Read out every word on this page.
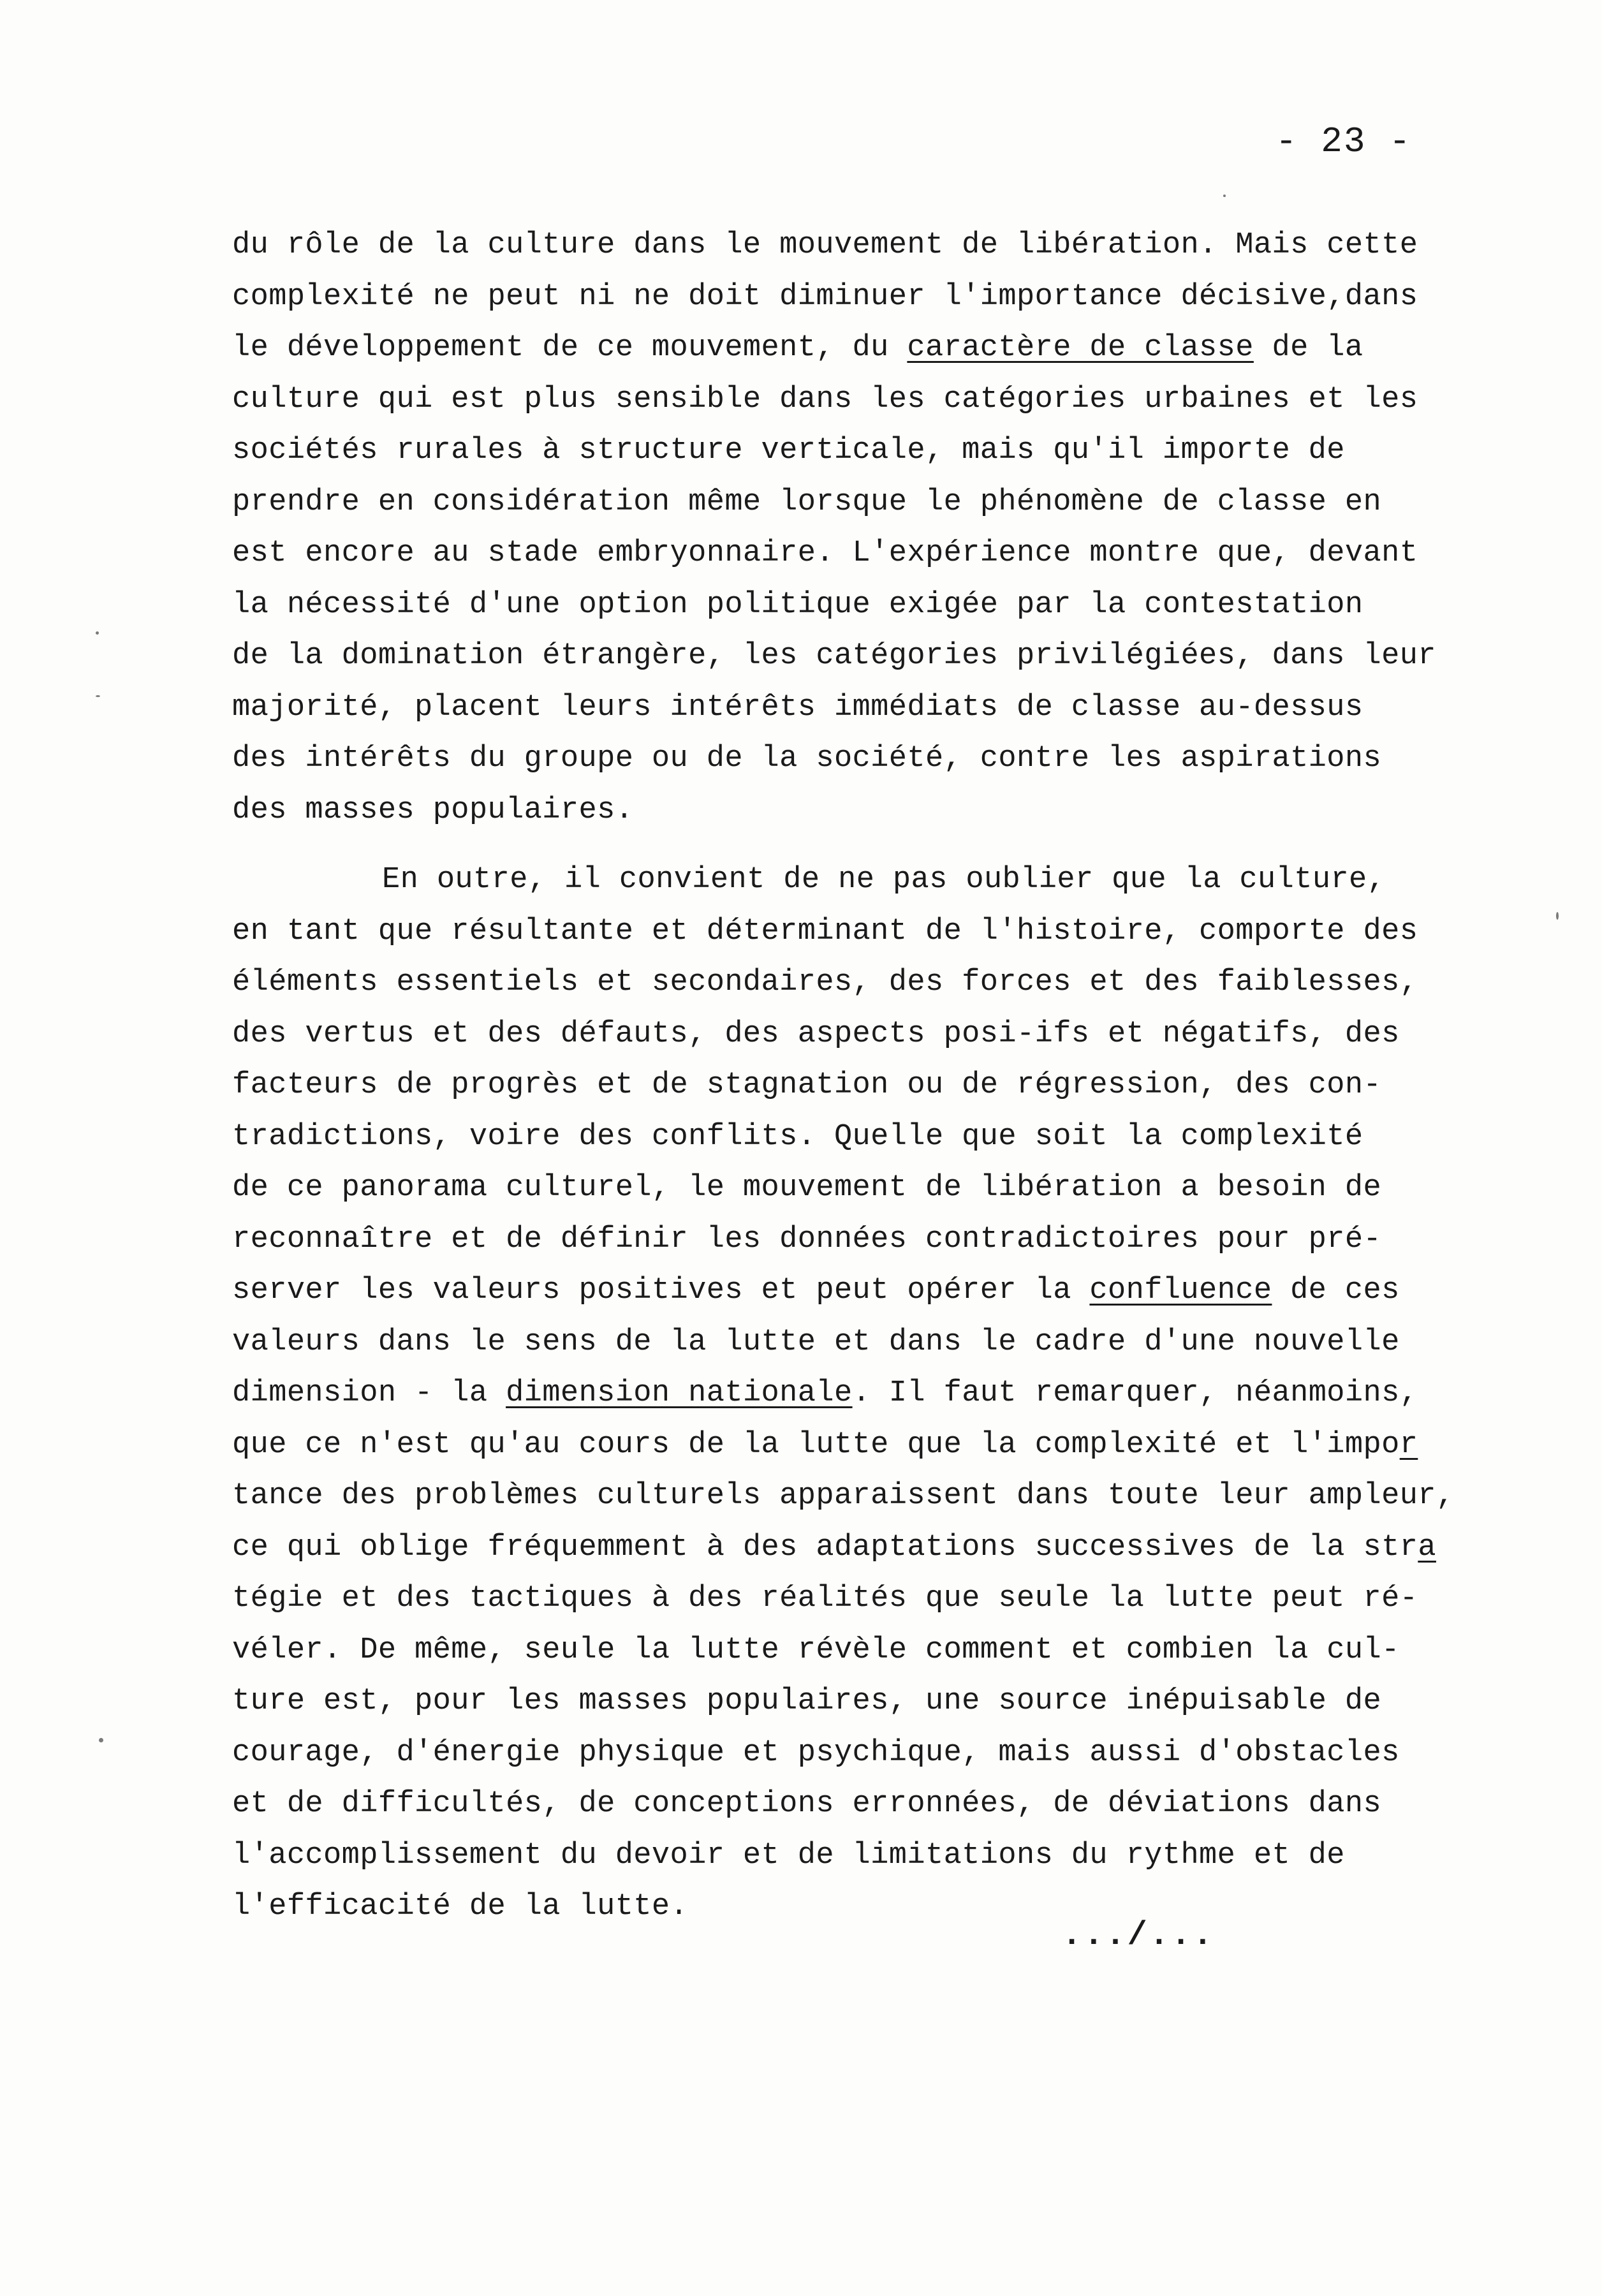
- 23 -
du rôle de la culture dans le mouvement de libération. Mais cette
complexité ne peut ni ne doit diminuer l'importance décisive,dans
le développement de ce mouvement, du caractère de classe de la
culture qui est plus sensible dans les catégories urbaines et les
sociétés rurales à structure verticale, mais qu'il importe de
prendre en considération même lorsque le phénomène de classe en
est encore au stade embryonnaire. L'expérience montre que, devant
la nécessité d'une option politique exigée par la contestation
de la domination étrangère, les catégories privilégiées, dans leur
majorité, placent leurs intérêts immédiats de classe au-dessus
des intérêts du groupe ou de la société, contre les aspirations
des masses populaires.
En outre, il convient de ne pas oublier que la culture,
en tant que résultante et déterminant de l'histoire, comporte des
éléments essentiels et secondaires, des forces et des faiblesses,
des vertus et des défauts, des aspects posi-ifs et négatifs, des
facteurs de progrès et de stagnation ou de régression, des con-
tradictions, voire des conflits. Quelle que soit la complexité
de ce panorama culturel, le mouvement de libération a besoin de
reconnaître et de définir les données contradictoires pour pré-
server les valeurs positives et peut opérer la confluence de ces
valeurs dans le sens de la lutte et dans le cadre d'une nouvelle
dimension - la dimension nationale. Il faut remarquer, néanmoins,
que ce n'est qu'au cours de la lutte que la complexité et l'impor
tance des problèmes culturels apparaissent dans toute leur ampleur,
ce qui oblige fréquemment à des adaptations successives de la stra
tégie et des tactiques à des réalités que seule la lutte peut ré-
véler. De même, seule la lutte révèle comment et combien la cul-
ture est, pour les masses populaires, une source inépuisable de
courage, d'énergie physique et psychique, mais aussi d'obstacles
et de difficultés, de conceptions erronnées, de déviations dans
l'accomplissement du devoir et de limitations du rythme et de
l'efficacité de la lutte.
.../...
